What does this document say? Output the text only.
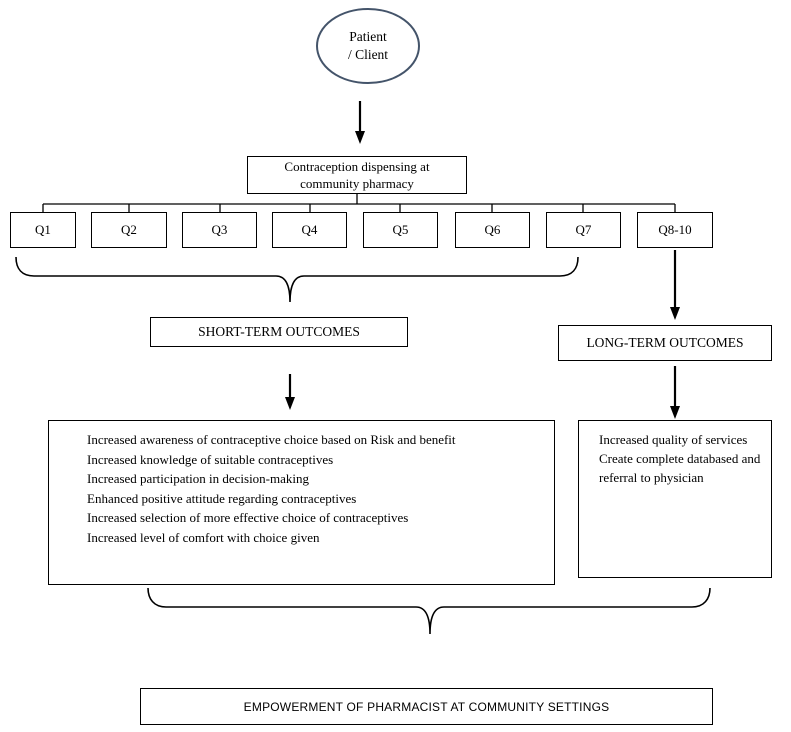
Patient
/ Client
Contraception dispensing at community pharmacy
Q1	Q2	Q3	Q4	Q5	Q6	Q7	Q8-10
SHORT-TERM OUTCOMES
LONG-TERM OUTCOMES
Increased awareness of contraceptive choice based on Risk and benefit
Increased knowledge of suitable contraceptives
Increased participation in decision-making
Enhanced positive attitude regarding contraceptives
Increased selection of more effective choice of contraceptives
Increased level of comfort with choice given
Increased quality of services
Create complete databased and referral to physician
EMPOWERMENT OF PHARMACIST AT COMMUNITY SETTINGS
